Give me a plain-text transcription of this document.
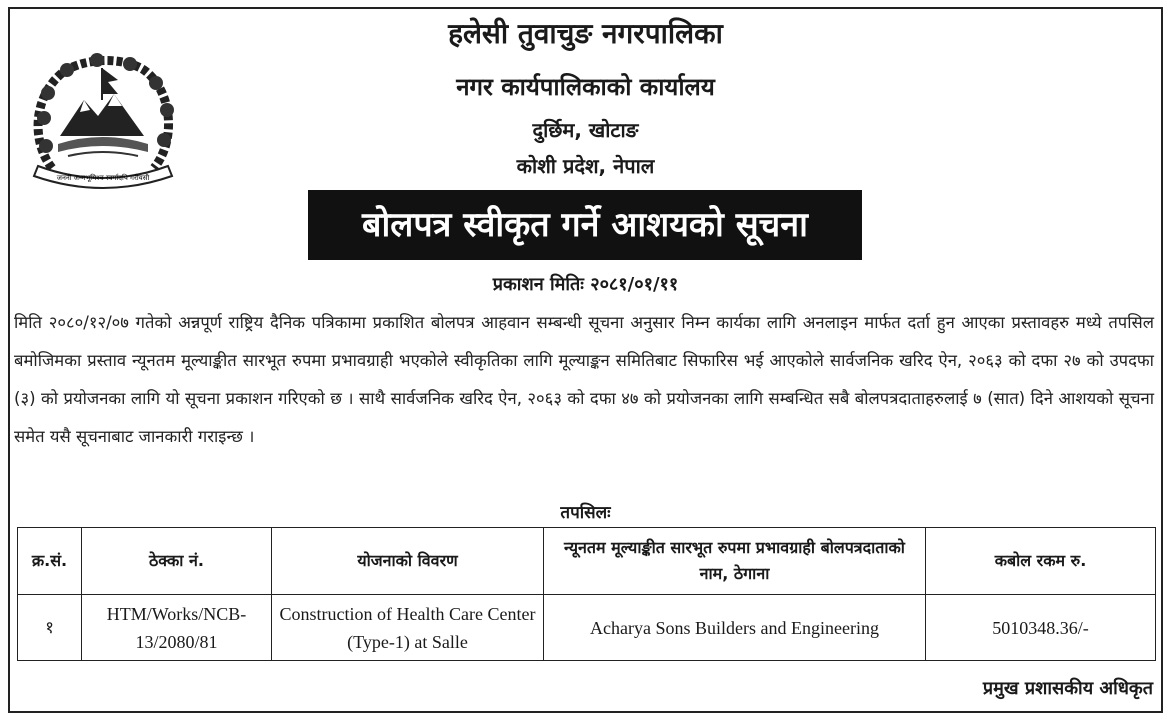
जननी जन्मभूमिश्च स्वर्गादपि गरीयसी
हलेसी तुवाचुङ नगरपालिका
नगर कार्यपालिकाको कार्यालय
दुर्छिम, खोटाङ
कोशी प्रदेश, नेपाल
बोलपत्र स्वीकृत गर्ने आशयको सूचना
प्रकाशन मितिः २०८१/०१/११
मिति २०८०/१२/०७ गतेको अन्नपूर्ण राष्ट्रिय दैनिक पत्रिकामा प्रकाशित बोलपत्र आहवान सम्बन्धी सूचना अनुसार निम्न कार्यका लागि अनलाइन मार्फत दर्ता हुन आएका प्रस्तावहरु मध्ये तपसिल बमोजिमका प्रस्ताव न्यूनतम मूल्याङ्कीत सारभूत रुपमा प्रभावग्राही भएकोले स्वीकृतिका लागि मूल्याङ्कन समितिबाट सिफारिस भई आएकोले सार्वजनिक खरिद ऐन, २०६३ को दफा २७ को उपदफा (३) को प्रयोजनका लागि यो सूचना प्रकाशन गरिएको छ । साथै सार्वजनिक खरिद ऐन, २०६३ को दफा ४७ को प्रयोजनका लागि सम्बन्धित सबै बोलपत्रदाताहरुलाई ७ (सात) दिने आशयको सूचना समेत यसै सूचनाबाट जानकारी गराइन्छ ।
तपसिलः
क्र.सं.	ठेक्का नं.	योजनाको विवरण	न्यूनतम मूल्याङ्कीत सारभूत रुपमा प्रभावग्राही बोलपत्रदाताको नाम, ठेगाना	कबोल रकम रु.
१	HTM/Works/NCB-13/2080/81	Construction of Health Care Center (Type-1) at Salle	Acharya Sons Builders and Engineering	5010348.36/-
प्रमुख प्रशासकीय अधिकृत
